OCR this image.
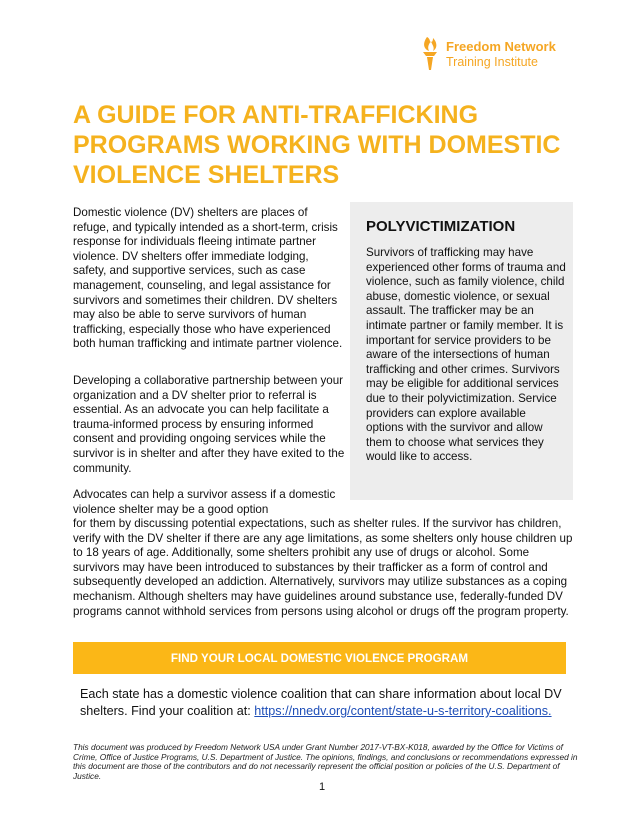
Freedom Network
Training Institute
A GUIDE FOR ANTI-TRAFFICKING PROGRAMS WORKING WITH DOMESTIC VIOLENCE SHELTERS
POLYVICTIMIZATION

Survivors of trafficking may have experienced other forms of trauma and violence, such as family violence, child abuse, domestic violence, or sexual assault. The trafficker may be an intimate partner or family member. It is important for service providers to be aware of the intersections of human trafficking and other crimes. Survivors may be eligible for additional services due to their polyvictimization. Service providers can explore available options with the survivor and allow them to choose what services they would like to access.

Domestic violence (DV) shelters are places of refuge, and typically intended as a short-term, crisis response for individuals fleeing intimate partner violence. DV shelters offer immediate lodging, safety, and supportive services, such as case management, counseling, and legal assistance for survivors and sometimes their children. DV shelters may also be able to serve survivors of human trafficking, especially those who have experienced both human trafficking and intimate partner violence.

Developing a collaborative partnership between your organization and a DV shelter prior to referral is essential. As an advocate you can help facilitate a trauma-informed process by ensuring informed consent and providing ongoing services while the survivor is in shelter and after they have exited to the community.

Advocates can help a survivor assess if a domestic violence shelter may be a good option

for them by discussing potential expectations, such as shelter rules. If the survivor has children, verify with the DV shelter if there are any age limitations, as some shelters only house children up to 18 years of age. Additionally, some shelters prohibit any use of drugs or alcohol. Some survivors may have been introduced to substances by their trafficker as a form of control and subsequently developed an addiction. Alternatively, survivors may utilize substances as a coping mechanism. Although shelters may have guidelines around substance use, federally-funded DV programs cannot withhold services from persons using alcohol or drugs off the program property.

FIND YOUR LOCAL DOMESTIC VIOLENCE PROGRAM

Each state has a domestic violence coalition that can share information about local DV shelters. Find your coalition at: https://nnedv.org/content/state-u-s-territory-coalitions.

This document was produced by Freedom Network USA under Grant Number 2017-VT-BX-K018, awarded by the Office for Victims of Crime, Office of Justice Programs, U.S. Department of Justice. The opinions, findings, and conclusions or recommendations expressed in this document are those of the contributors and do not necessarily represent the official position or policies of the U.S. Department of Justice.

1
